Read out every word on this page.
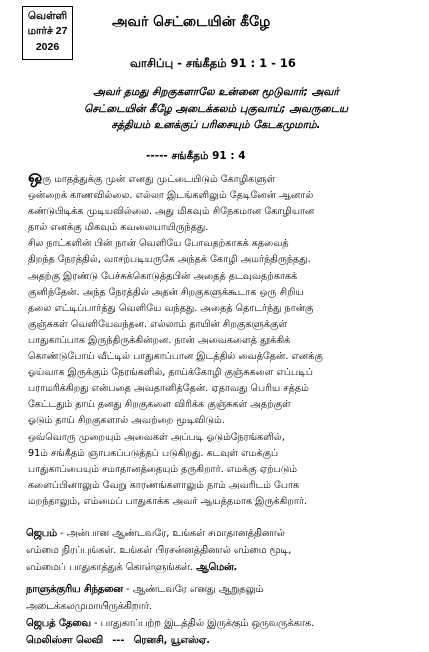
வெள்ளி
மார்ச் 27
2026
அவர் செட்டையின் கீழே
வாசிப்பு - சங்கீதம் 91 : 1 - 16
அவர் தமது சிறகுகளாலே உன்னை மூடுவார்; அவர்
செட்டையின் கீழே அடைக்கலம் புகுவாய்; அவருடைய
சத்தியம் உனக்குப் பரிசையும் கேடகமுமாம்.
----- சங்கீதம் 91 : 4
ஒரு மாதத்துக்கு முன் எனது முட்டையிடும் கோழிகளுள்
ஒன்றைக் காணவில்லை. எல்லா இடங்களிலும் தேடினேன் ஆனால்
கண்டுபிடிக்க முடியவில்லை. அது மிகவும் சிநேகமான கோழியான
தால் எனக்கு மிகவும் கவலையாயிருந்தது.
சில நாட்களின் பின் நான் வெளியே போவதற்காகக் கதவைத்
திறந்த நேரத்தில், வாசற்படியருகே அந்தக் கோழி அமர்ந்திருந்தது.
அதற்கு இரண்டு பேச்சுக்கொடுத்தபின் அதைத் தடவுவதற்காகக்
குனிந்தேன். அந்த நேரத்தில் அதன் சிறகுகளுக்கூடாக ஒரு சிறிய
தலை எட்டிப்பார்த்து வெளியே வந்தது. அதைத் தொடர்ந்து நான்கு
குஞ்சுகள் வெளியேவந்தன. எல்லாம் தாயின் சிறகுகளுக்குள்
பாதுகாப்பாக இருந்திருக்கின்றன. நான் அவைகளைத் தூக்கிக்
கொண்டுபோய் வீட்டில் பாதுகாப்பான இடத்தில் வைத்தேன். எனக்கு
ஓய்வாக இருக்கும் நேரங்களில், தாய்க்கோழி குஞ்சுகளை எப்படிப்
பராமரிக்கிறது என்பதை அவதானித்தேன். ஏதாவது பெரிய சத்தம்
கேட்டதும் தாய் தனது சிறகுகளை விரிக்க குஞ்சுகள் அதற்குள்
ஓடும் தாய் சிறகுகளால் அவற்றை மூடிவிடும்.
ஒவ்வொரு முறையும் அவைகள் அப்படி ஓடும்நேரங்களில்,
91ம் சங்கீதம் ஞாபகப்படுத்தப் படுகிறது. கடவுள் எமக்குப்
பாதுகாப்பையும் சமாதானத்தையும் தருகிறார். எமக்கு ஏற்படும்
களைப்பினாலும் வேறு காரணங்களாலும் நாம் அவரிடம் போக
மறந்தாலும், எம்மைப் பாதுகாக்க அவர் ஆயத்தமாக இருக்கிறார்.
ஜெபம் - அன்பான ஆண்டவரே, உங்கள் சமாதானத்தினால்
எம்மை நிரப்புங்கள். உங்கள் பிரசன்னத்தினால் எம்மை மூடி,
எம்மைப் பாதுகாத்துக் கொள்ளுங்கள். ஆமென்.
நாளுக்குரிய சிந்தனை - ஆண்டவரே எனது ஆறுதலும்
அடைக்கலமுமாயிருக்கிறார்.
ஜெபத் தேவை - பாதுகாப்பற்ற இடத்தில் இருக்கும் ஒருவருக்காக.
மெலிஸ்சா லெவி --- ரெனசி, யூஎஸ்ஏ.
